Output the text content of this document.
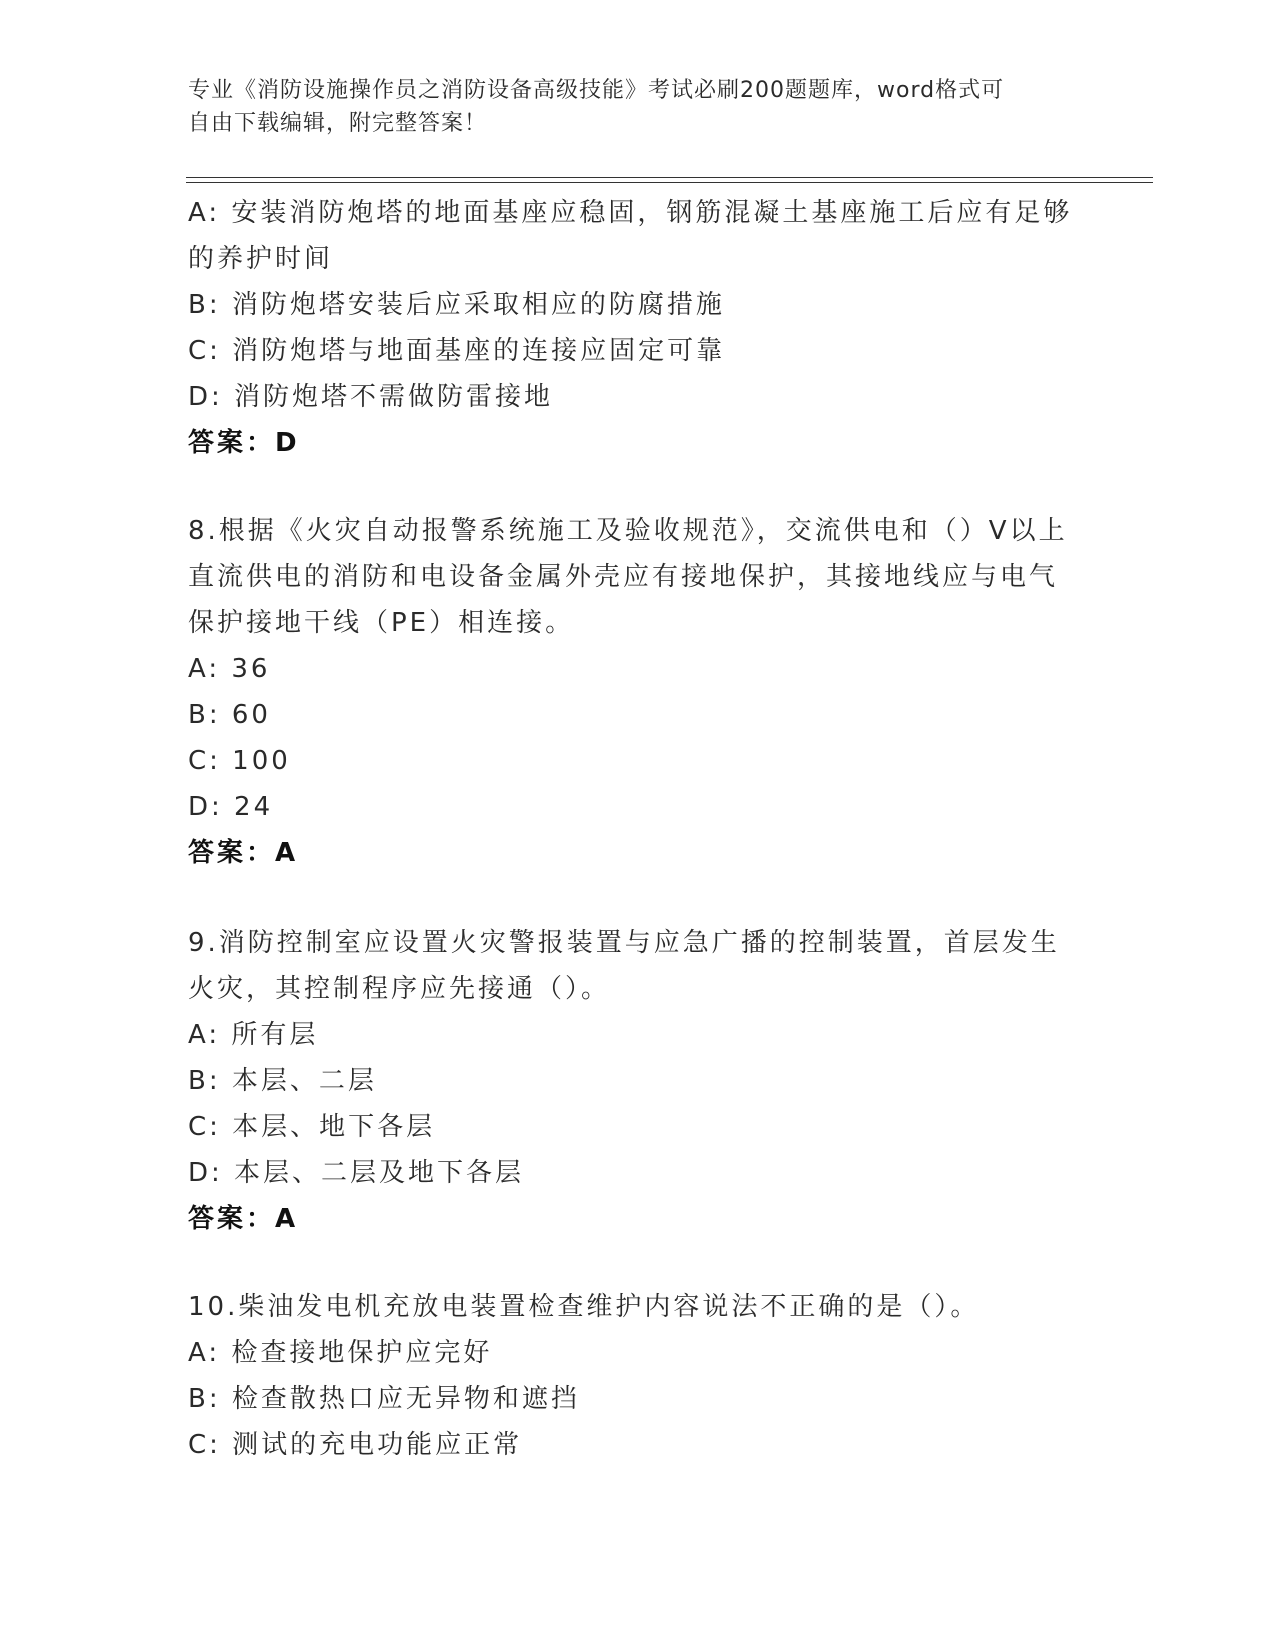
专业《消防设施操作员之消防设备高级技能》考试必刷200题题库，word格式可
自由下载编辑，附完整答案！
A: 安装消防炮塔的地面基座应稳固，钢筋混凝土基座施工后应有足够
的养护时间
B: 消防炮塔安装后应采取相应的防腐措施
C: 消防炮塔与地面基座的连接应固定可靠
D: 消防炮塔不需做防雷接地
答案：D
8.根据《火灾自动报警系统施工及验收规范》，交流供电和（）V以上
直流供电的消防和电设备金属外壳应有接地保护，其接地线应与电气
保护接地干线（PE）相连接。
A: 36
B: 60
C: 100
D: 24
答案：A
9.消防控制室应设置火灾警报装置与应急广播的控制装置，首层发生
火灾，其控制程序应先接通（）。
A: 所有层
B: 本层、二层
C: 本层、地下各层
D: 本层、二层及地下各层
答案：A
10.柴油发电机充放电装置检查维护内容说法不正确的是（）。
A: 检查接地保护应完好
B: 检查散热口应无异物和遮挡
C: 测试的充电功能应正常
